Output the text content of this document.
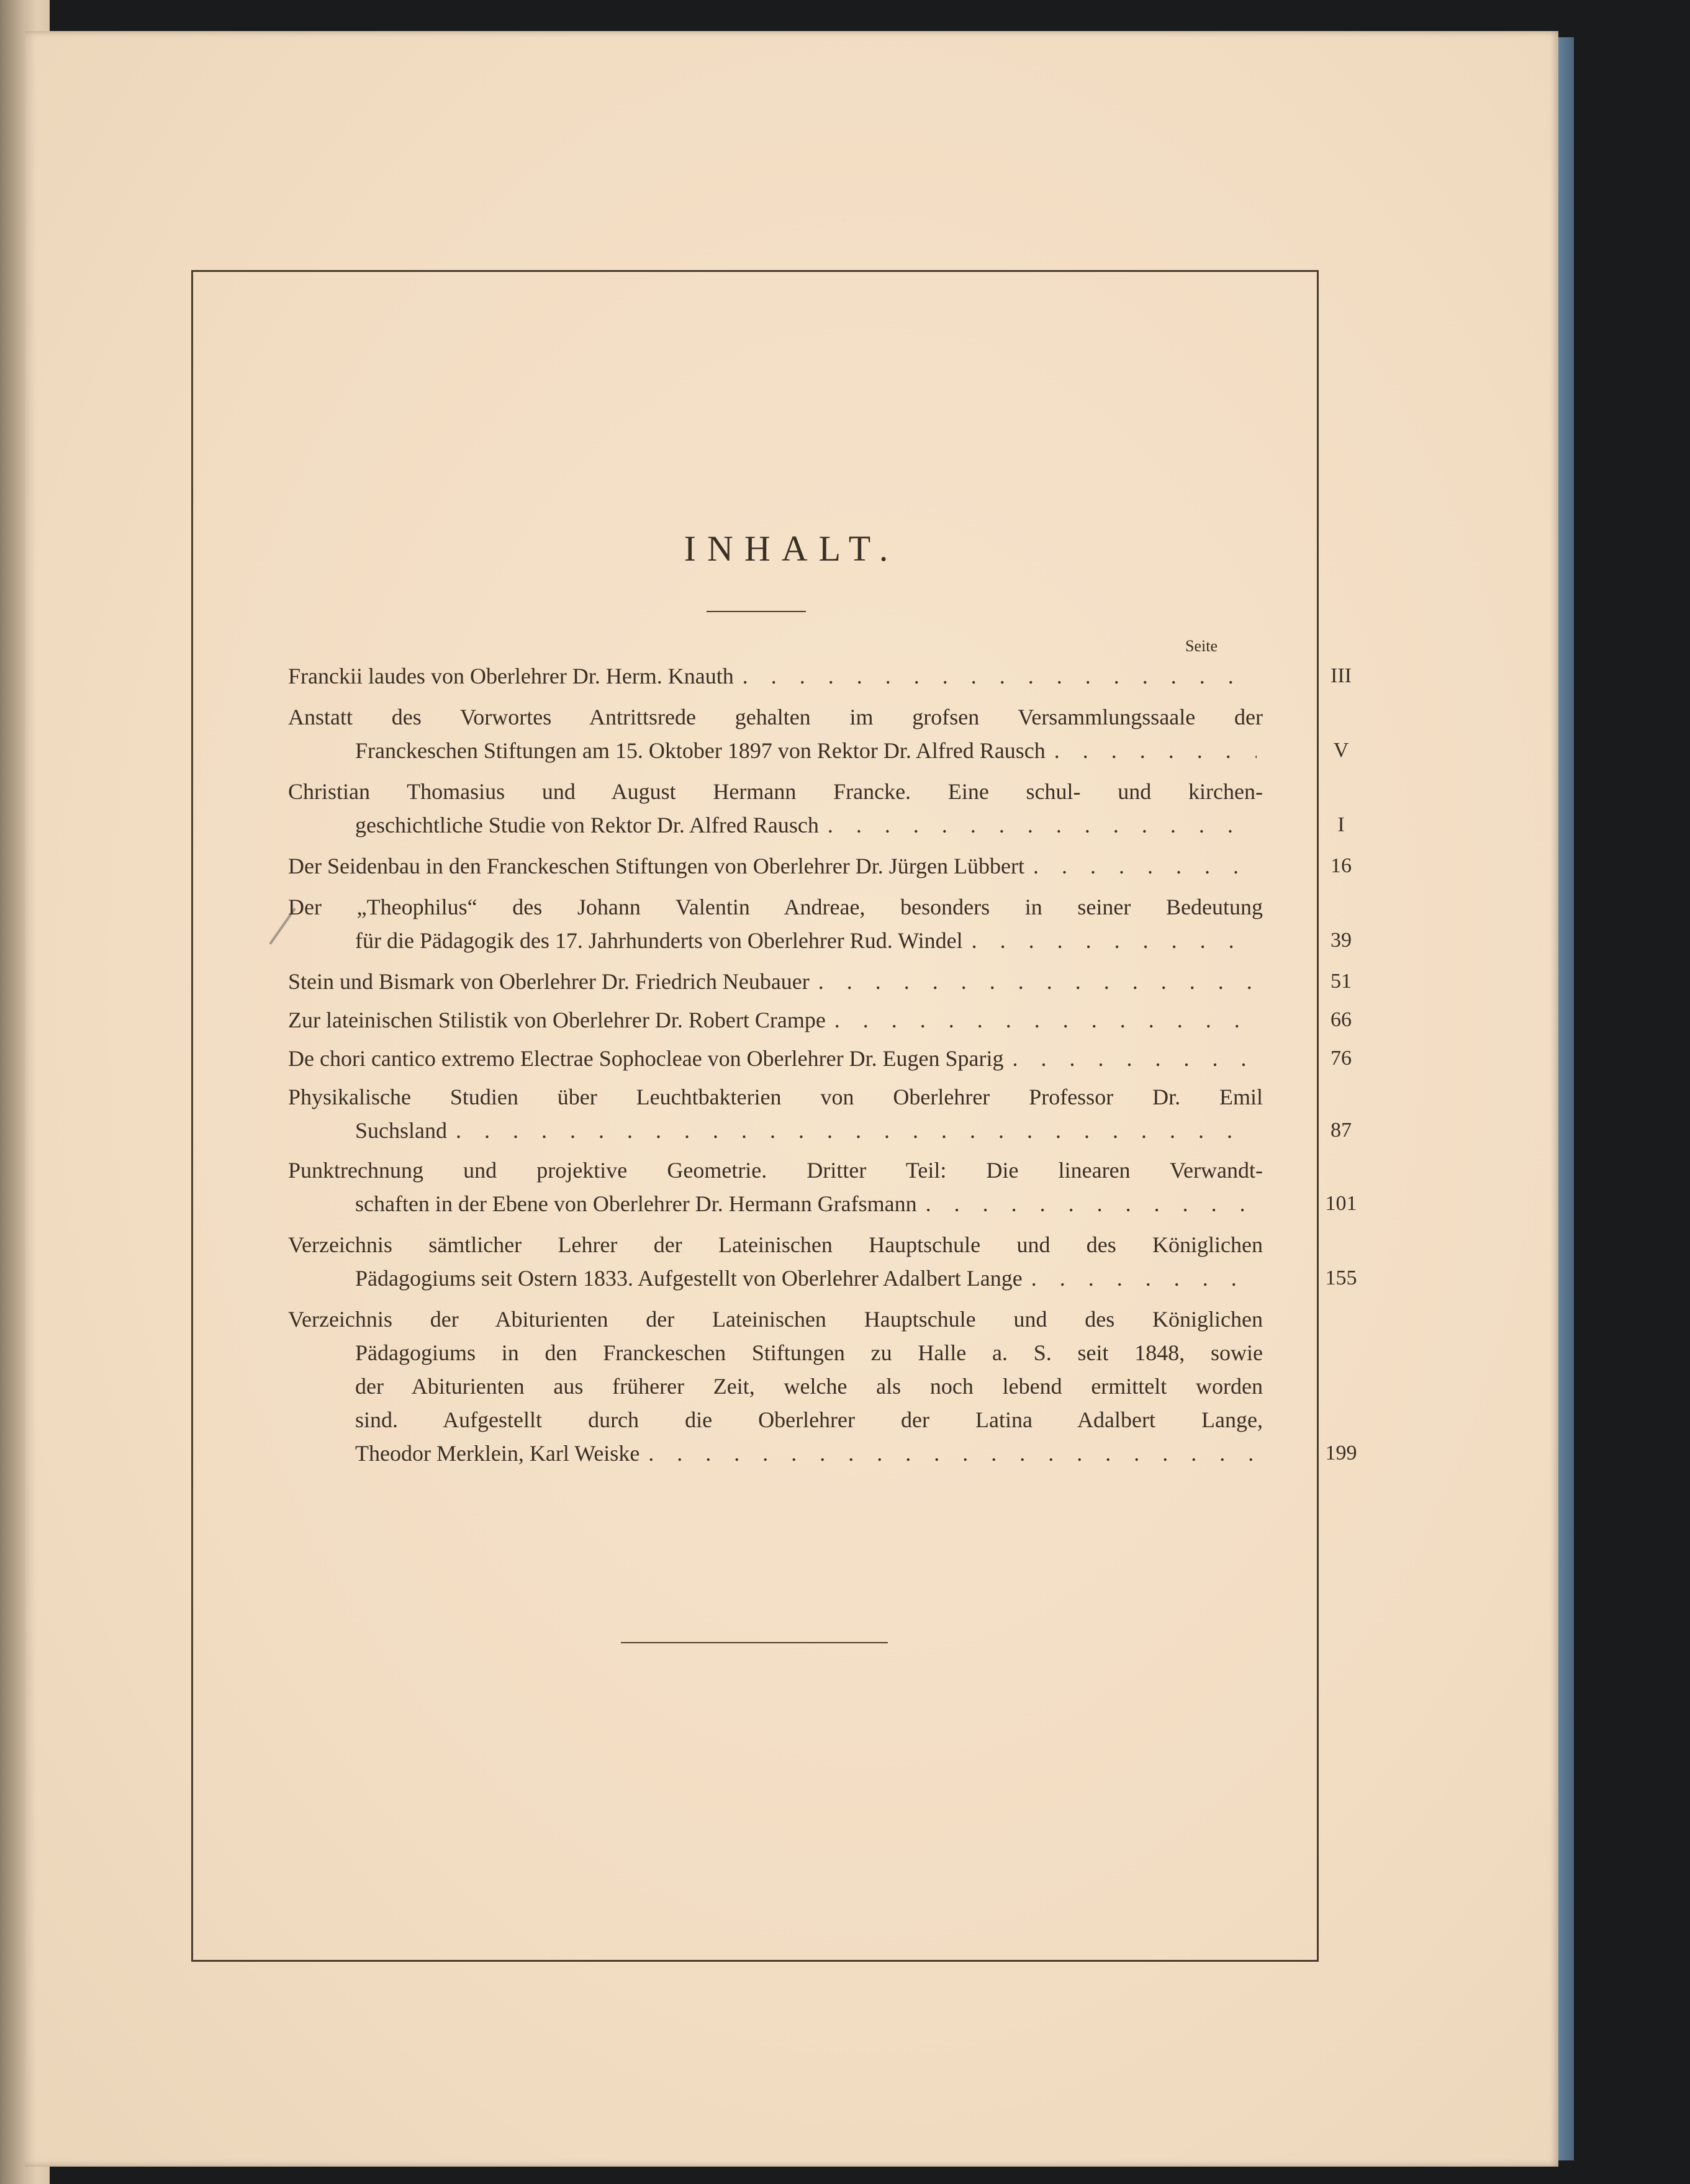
INHALT.
Seite
Franckii laudes von Oberlehrer Dr. Herm. Knauth . . .	III
Anstatt des Vorwortes Antrittsrede gehalten im grofsen Versammlungssaale der
Franckeschen Stiftungen am 15. Oktober 1897 von Rektor Dr. Alfred Rausch . . .	V
Christian Thomasius und August Hermann Francke. Eine schul- und kirchen-
geschichtliche Studie von Rektor Dr. Alfred Rausch . . .	I
Der Seidenbau in den Franckeschen Stiftungen von Oberlehrer Dr. Jürgen Lübbert . . .	16
Der „Theophilus“ des Johann Valentin Andreae, besonders in seiner Bedeutung
für die Pädagogik des 17. Jahrhunderts von Oberlehrer Rud. Windel . . .	39
Stein und Bismark von Oberlehrer Dr. Friedrich Neubauer . . .	51
Zur lateinischen Stilistik von Oberlehrer Dr. Robert Crampe . . .	66
De chori cantico extremo Electrae Sophocleae von Oberlehrer Dr. Eugen Sparig . . .	76
Physikalische Studien über Leuchtbakterien von Oberlehrer Professor Dr. Emil
Suchsland . . .	87
Punktrechnung und projektive Geometrie. Dritter Teil: Die linearen Verwandt-
schaften in der Ebene von Oberlehrer Dr. Hermann Grafsmann . . .	101
Verzeichnis sämtlicher Lehrer der Lateinischen Hauptschule und des Königlichen
Pädagogiums seit Ostern 1833. Aufgestellt von Oberlehrer Adalbert Lange . . .	155
Verzeichnis der Abiturienten der Lateinischen Hauptschule und des Königlichen
Pädagogiums in den Franckeschen Stiftungen zu Halle a. S. seit 1848, sowie
der Abiturienten aus früherer Zeit, welche als noch lebend ermittelt worden
sind. Aufgestellt durch die Oberlehrer der Latina Adalbert Lange,
Theodor Merklein, Karl Weiske . . .	199
